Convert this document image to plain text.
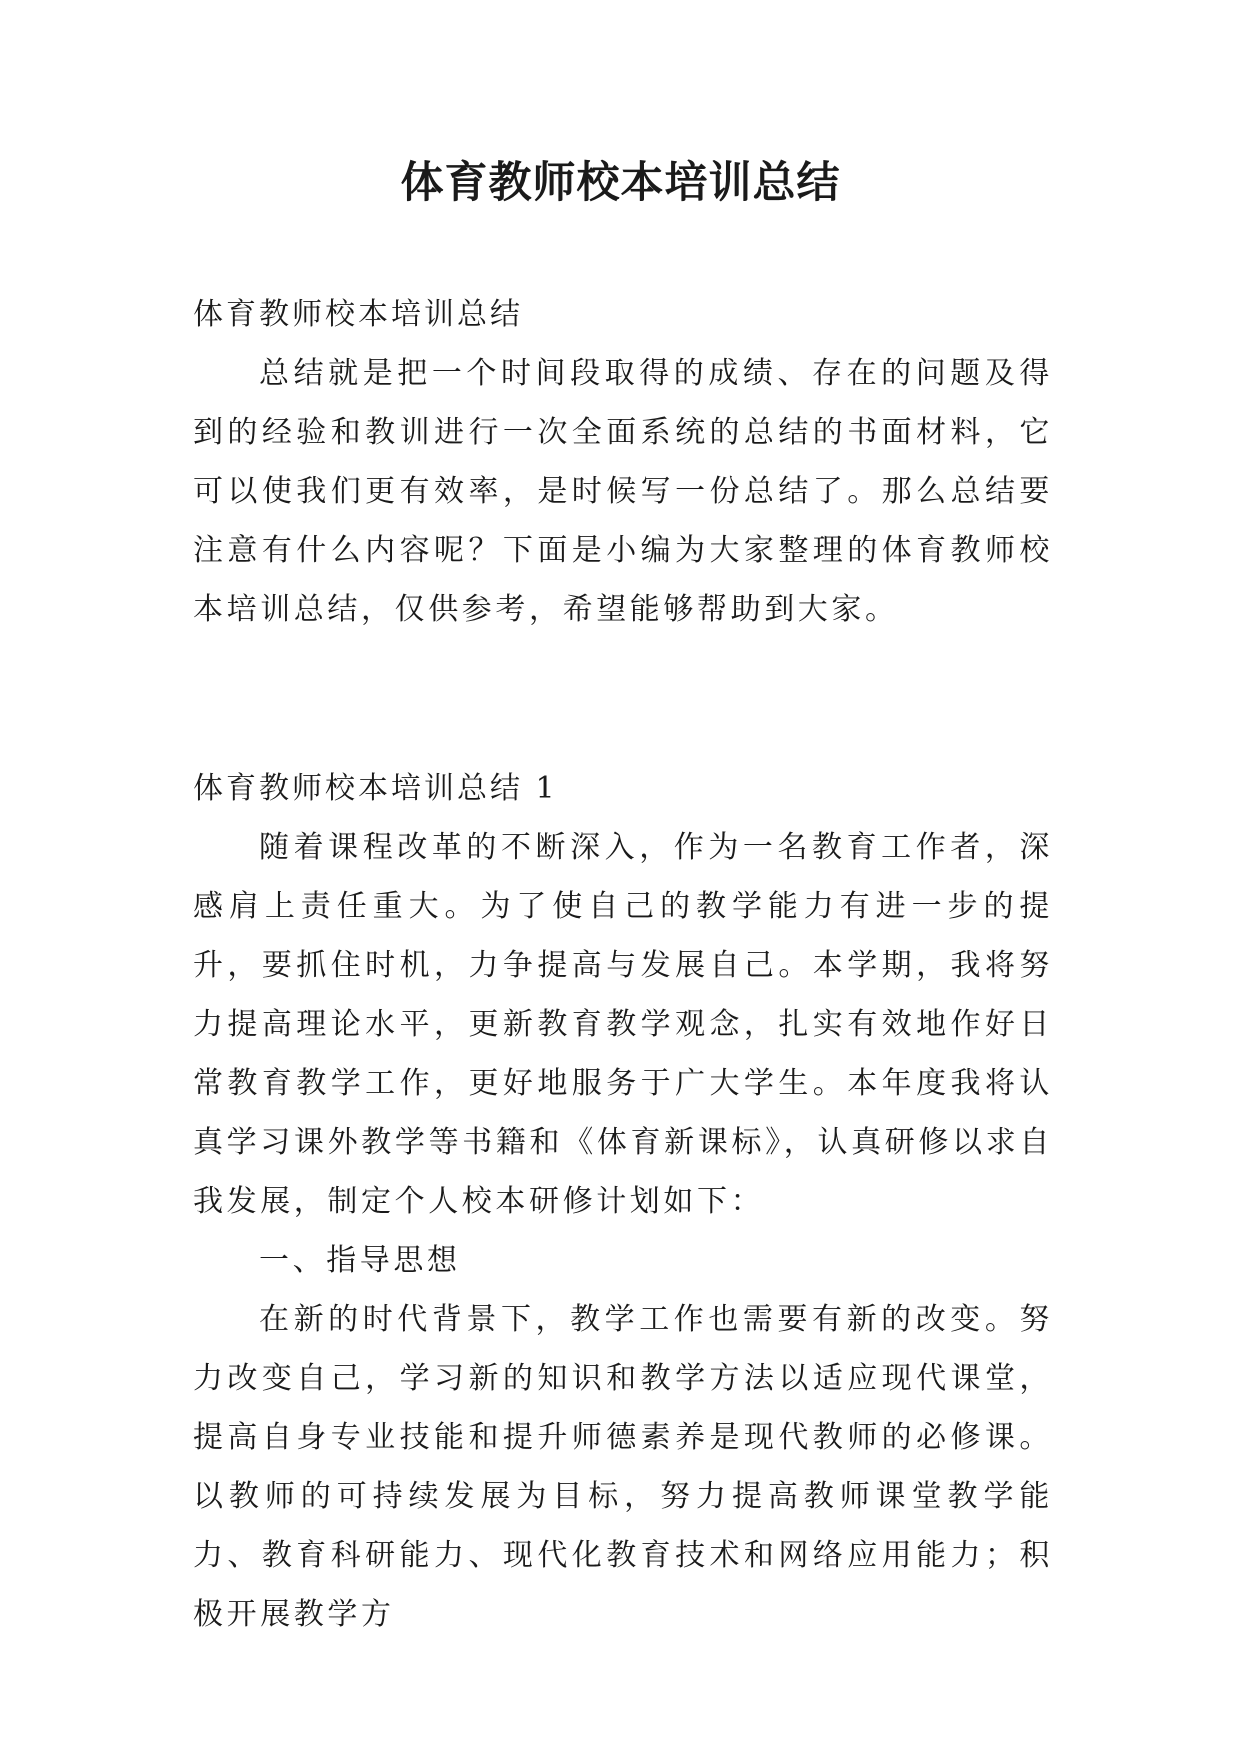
体育教师校本培训总结

体育教师校本培训总结

总结就是把一个时间段取得的成绩、存在的问题及得到的经验和教训进行一次全面系统的总结的书面材料，它可以使我们更有效率，是时候写一份总结了。那么总结要注意有什么内容呢？下面是小编为大家整理的体育教师校本培训总结，仅供参考，希望能够帮助到大家。

体育教师校本培训总结 1

随着课程改革的不断深入，作为一名教育工作者，深感肩上责任重大。为了使自己的教学能力有进一步的提升，要抓住时机，力争提高与发展自己。本学期，我将努力提高理论水平，更新教育教学观念，扎实有效地作好日常教育教学工作，更好地服务于广大学生。本年度我将认真学习课外教学等书籍和《体育新课标》，认真研修以求自我发展，制定个人校本研修计划如下：

一、指导思想

在新的时代背景下，教学工作也需要有新的改变。努力改变自己，学习新的知识和教学方法以适应现代课堂，提高自身专业技能和提升师德素养是现代教师的必修课。以教师的可持续发展为目标，努力提高教师课堂教学能力、教育科研能力、现代化教育技术和网络应用能力；积极开展教学方
